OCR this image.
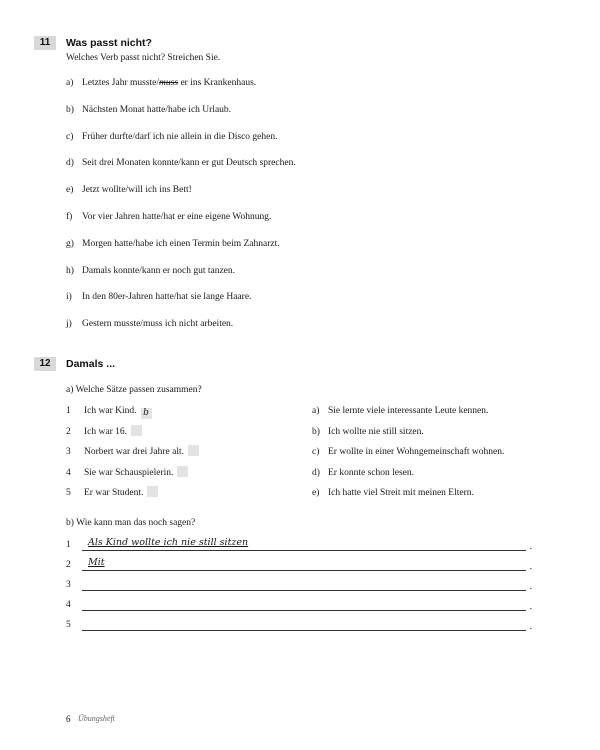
11	Was passt nicht?
Welches Verb passt nicht? Streichen Sie.
a) Letztes Jahr musste/muss er ins Krankenhaus.
b) Nächsten Monat hatte/habe ich Urlaub.
c) Früher durfte/darf ich nie allein in die Disco gehen.
d) Seit drei Monaten konnte/kann er gut Deutsch sprechen.
e) Jetzt wollte/will ich ins Bett!
f) Vor vier Jahren hatte/hat er eine eigene Wohnung.
g) Morgen hatte/habe ich einen Termin beim Zahnarzt.
h) Damals konnte/kann er noch gut tanzen.
i) In den 80er-Jahren hatte/hat sie lange Haare.
j) Gestern musste/muss ich nicht arbeiten.
12	Damals ...
a) Welche Sätze passen zusammen?
1 Ich war Kind. b
2 Ich war 16.
3 Norbert war drei Jahre alt.
4 Sie war Schauspielerin.
5 Er war Student.
a) Sie lernte viele interessante Leute kennen.
b) Ich wollte nie still sitzen.
c) Er wollte in einer Wohngemeinschaft wohnen.
d) Er konnte schon lesen.
e) Ich hatte viel Streit mit meinen Eltern.
b) Wie kann man das noch sagen?
1 Als Kind wollte ich nie still sitzen	.
2 Mit	.
3	.
4	.
5	.
6 Übungsheft
